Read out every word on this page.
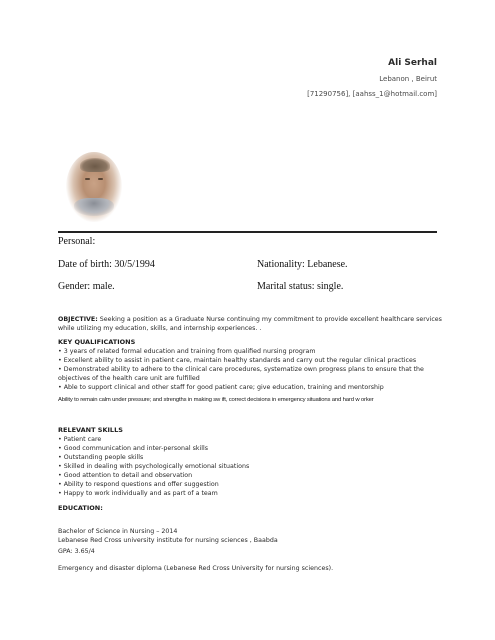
Ali Serhal
Lebanon , Beirut
[71290756], [aahss_1@hotmail.com]
Personal:
Date of birth: 30/5/1994	Nationality: Lebanese.
Gender: male.	Marital status: single.
OBJECTIVE: Seeking a position as a Graduate Nurse continuing my commitment to provide excellent healthcare services while utilizing my education, skills, and internship experiences. .
KEY QUALIFICATIONS
• 3 years of related formal education and training from qualified nursing program
• Excellent ability to assist in patient care, maintain healthy standards and carry out the regular clinical practices
• Demonstrated ability to adhere to the clinical care procedures, systematize own progress plans to ensure that the objectives of the health care unit are fulfilled
• Able to support clinical and other staff for good patient care; give education, training and mentorship
Ability to remain calm under pressure; and strengths in making sw ift, correct decisions in emergency situations and hard w orker
RELEVANT SKILLS
• Patient care
• Good communication and inter-personal skills
• Outstanding people skills
• Skilled in dealing with psychologically emotional situations
• Good attention to detail and observation
• Ability to respond questions and offer suggestion
• Happy to work individually and as part of a team
EDUCATION:
Bachelor of Science in Nursing – 2014
Lebanese Red Cross university institute for nursing sciences , Baabda
GPA: 3.65/4
Emergency and disaster diploma (Lebanese Red Cross University for nursing sciences).
